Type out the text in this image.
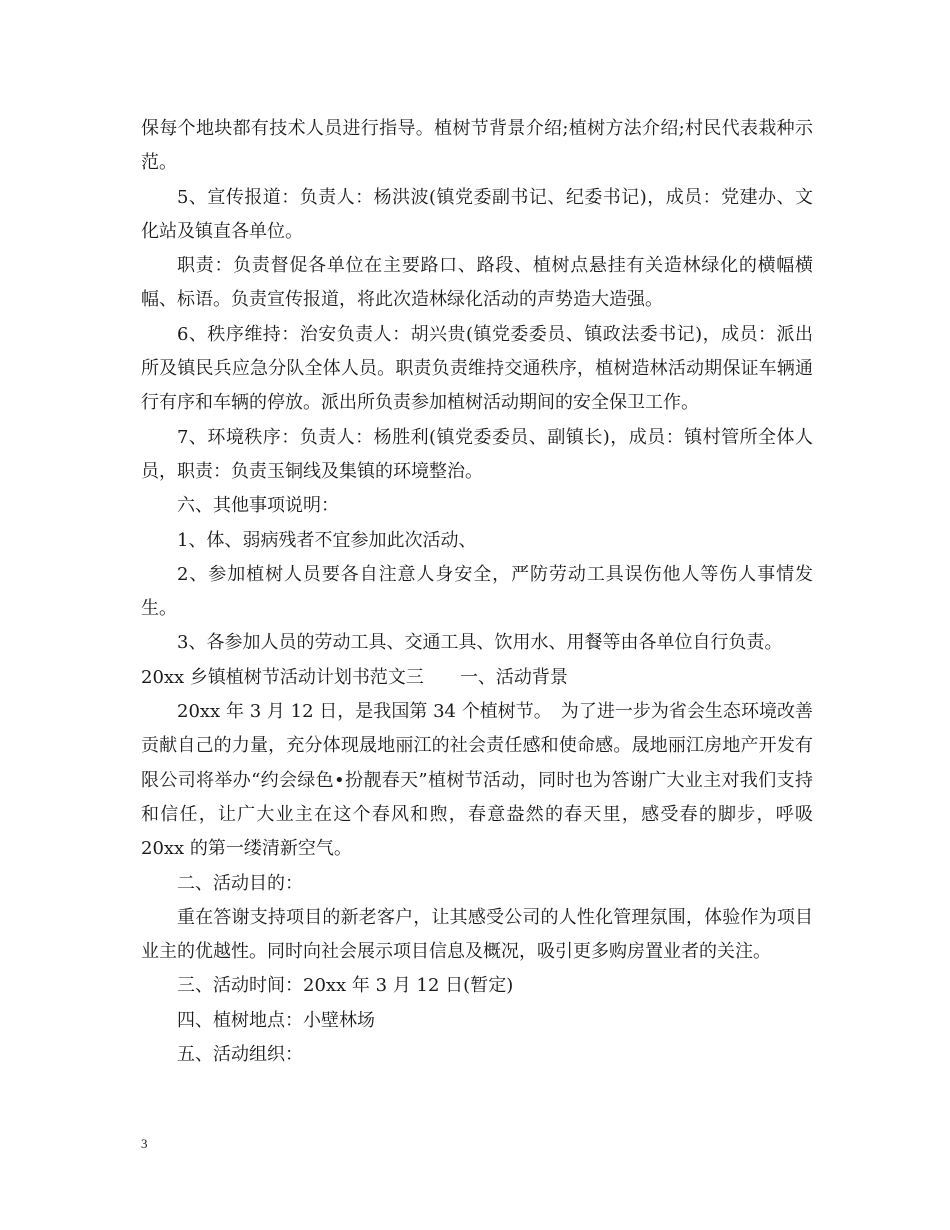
保每个地块都有技术人员进行指导。植树节背景介绍;植树方法介绍;村民代表栽种示范。

5、宣传报道：负责人：杨洪波(镇党委副书记、纪委书记)，成员：党建办、文化站及镇直各单位。

职责：负责督促各单位在主要路口、路段、植树点悬挂有关造林绿化的横幅横幅、标语。负责宣传报道，将此次造林绿化活动的声势造大造强。

6、秩序维持：治安负责人：胡兴贵(镇党委委员、镇政法委书记)，成员：派出所及镇民兵应急分队全体人员。职责负责维持交通秩序，植树造林活动期保证车辆通行有序和车辆的停放。派出所负责参加植树活动期间的安全保卫工作。

7、环境秩序：负责人：杨胜利(镇党委委员、副镇长)，成员：镇村管所全体人员，职责：负责玉铜线及集镇的环境整治。

六、其他事项说明：

1、体、弱病残者不宜参加此次活动、

2、参加植树人员要各自注意人身安全，严防劳动工具误伤他人等伤人事情发生。

3、各参加人员的劳动工具、交通工具、饮用水、用餐等由各单位自行负责。

20xx 乡镇植树节活动计划书范文三 一、活动背景

20xx 年 3 月 12 日，是我国第 34 个植树节。　为了进一步为省会生态环境改善贡献自己的力量，充分体现晟地丽江的社会责任感和使命感。晟地丽江房地产开发有限公司将举办“约会绿色•扮靓春天”植树节活动，同时也为答谢广大业主对我们支持和信任，让广大业主在这个春风和煦，春意盎然的春天里，感受春的脚步，呼吸 20xx 的第一缕清新空气。

二、活动目的：

重在答谢支持项目的新老客户，让其感受公司的人性化管理氛围，体验作为项目业主的优越性。同时向社会展示项目信息及概况，吸引更多购房置业者的关注。

三、活动时间：20xx 年 3 月 12 日(暂定)

四、植树地点：小壁林场

五、活动组织：

3
